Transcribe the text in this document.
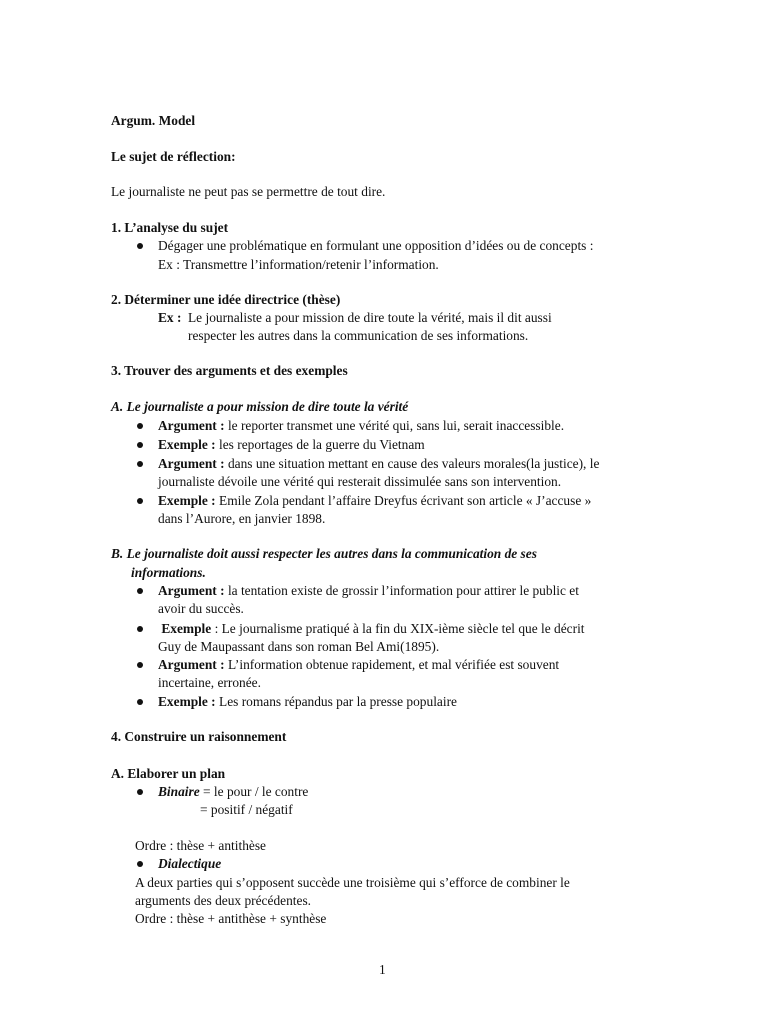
Argum. Model
Le sujet de réflection:
Le journaliste ne peut pas se permettre de tout dire.
1. L’analyse du sujet
Dégager une problématique en formulant une opposition d’idées ou de concepts :
Ex : Transmettre l’information/retenir l’information.
2. Déterminer une idée directrice (thèse)
Ex : Le journaliste a pour mission de dire toute la vérité, mais il dit aussi
respecter les autres dans la communication de ses informations.
3. Trouver des arguments et des exemples
A. Le journaliste a pour mission de dire toute la vérité
Argument : le reporter transmet une vérité qui, sans lui, serait inaccessible.
Exemple : les reportages de la guerre du Vietnam
Argument : dans une situation mettant en cause des valeurs morales(la justice), le
journaliste dévoile une vérité qui resterait dissimulée sans son intervention.
Exemple : Emile Zola pendant l’affaire Dreyfus écrivant son article « J’accuse »
dans l’Aurore, en janvier 1898.
B. Le journaliste doit aussi respecter les autres dans la communication de ses
informations.
Argument : la tentation existe de grossir l’information pour attirer le public et
avoir du succès.
Exemple : Le journalisme pratiqué à la fin du XIX-ième siècle tel que le décrit
Guy de Maupassant dans son roman Bel Ami(1895).
Argument : L’information obtenue rapidement, et mal vérifiée est souvent
incertaine, erronée.
Exemple : Les romans répandus par la presse populaire
4. Construire un raisonnement
A. Elaborer un plan
Binaire = le pour / le contre
= positif / négatif
Ordre : thèse + antithèse
Dialectique
A deux parties qui s’opposent succède une troisième qui s’efforce de combiner le
arguments des deux précédentes.
Ordre : thèse + antithèse + synthèse
1
